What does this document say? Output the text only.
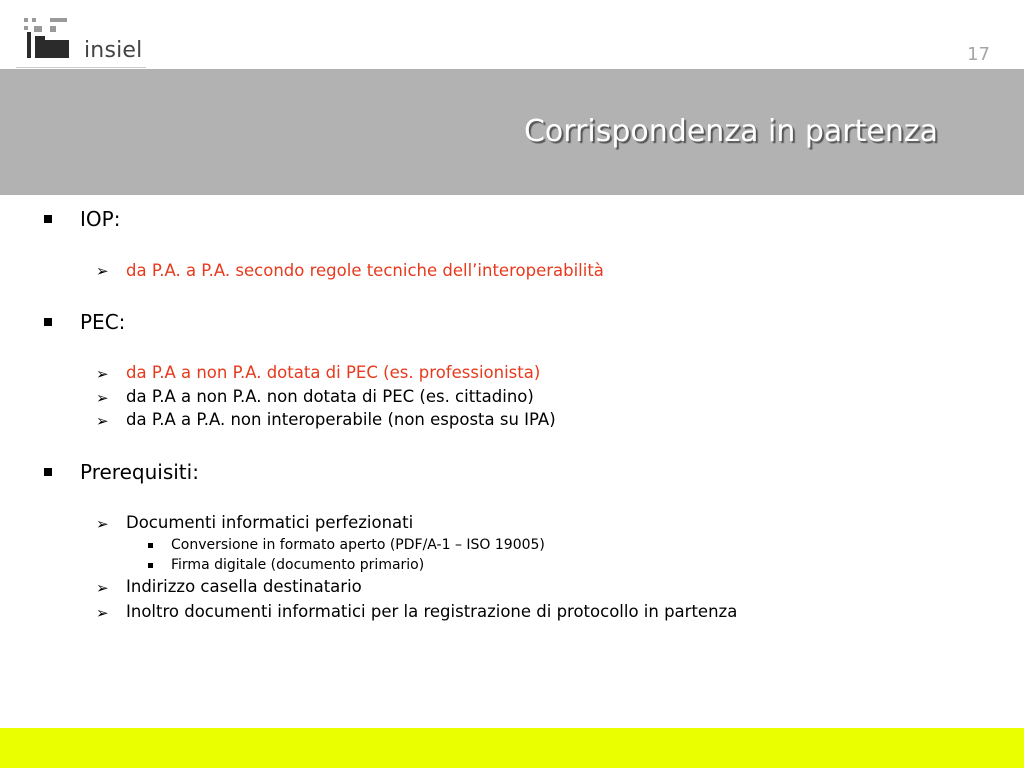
insiel	17
Corrispondenza in partenza
IOP:
➢ da P.A. a P.A. secondo regole tecniche dell’interoperabilità
PEC:
➢ da P.A a non P.A. dotata di PEC (es. professionista)
➢ da P.A a non P.A. non dotata di PEC (es. cittadino)
➢ da P.A a P.A. non interoperabile (non esposta su IPA)
Prerequisiti:
➢ Documenti informatici perfezionati
Conversione in formato aperto (PDF/A-1 – ISO 19005)
Firma digitale (documento primario)
➢ Indirizzo casella destinatario
➢ Inoltro documenti informatici per la registrazione di protocollo in partenza
